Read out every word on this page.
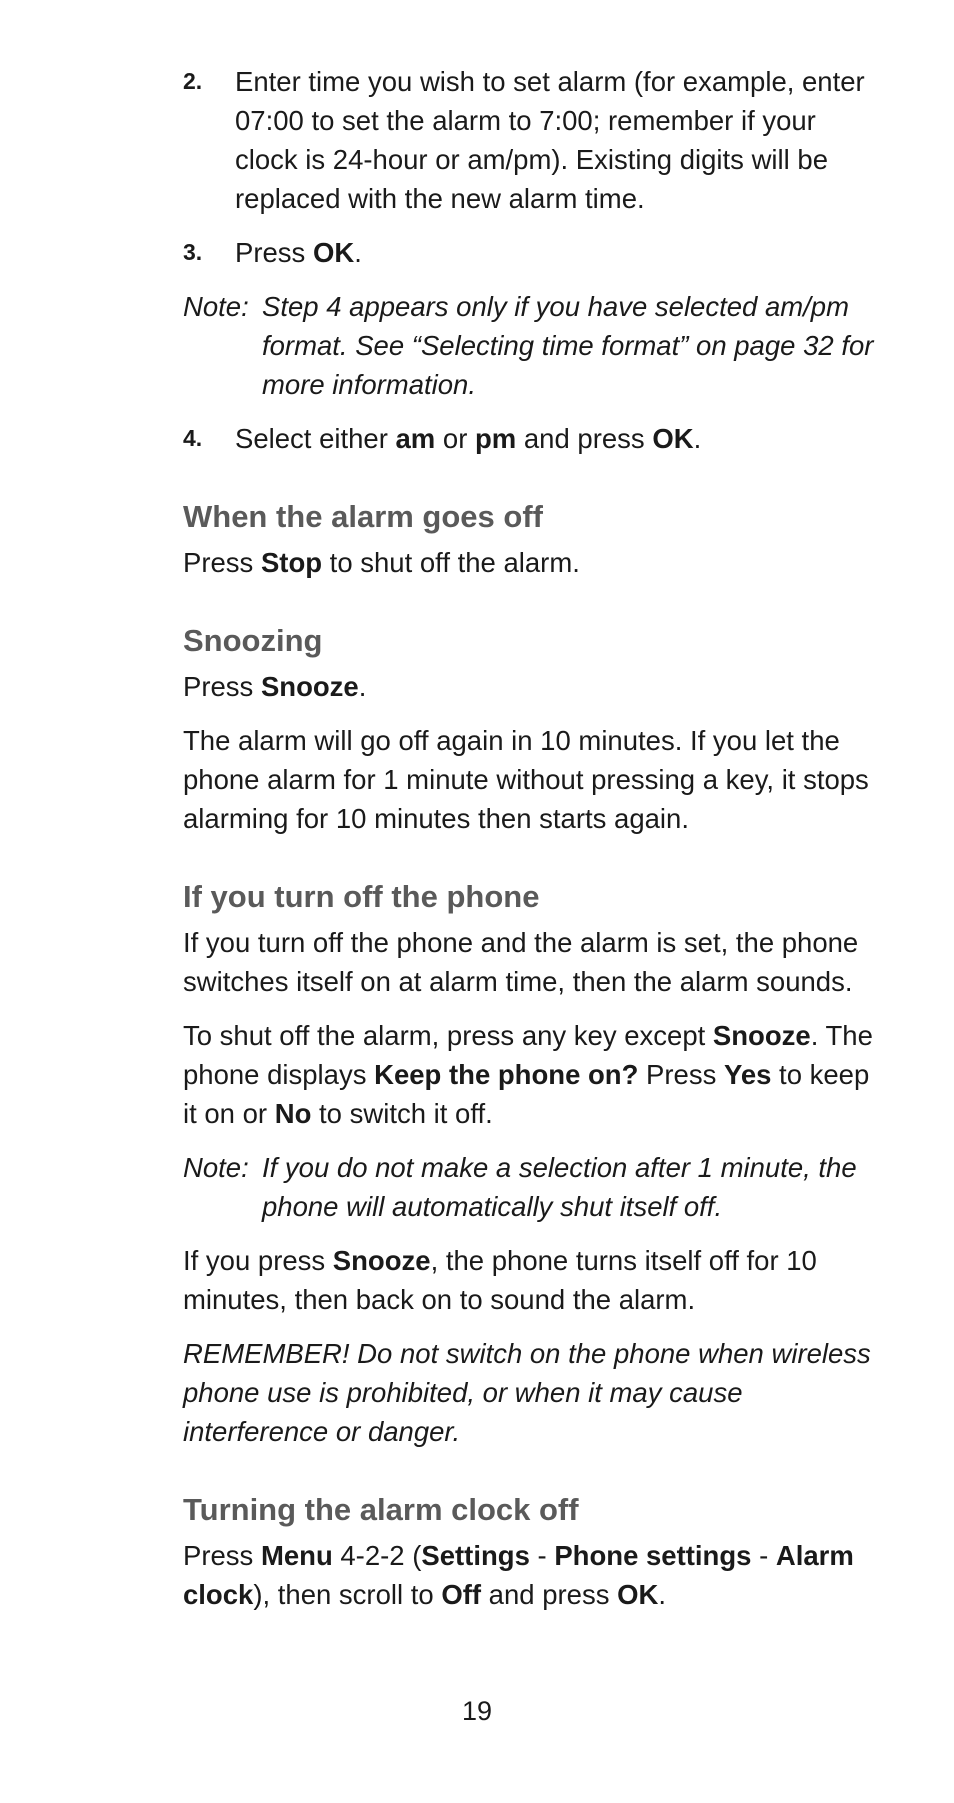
2. Enter time you wish to set alarm (for example, enter 07:00 to set the alarm to 7:00; remember if your clock is 24-hour or am/pm). Existing digits will be replaced with the new alarm time.

3. Press OK.

Note: Step 4 appears only if you have selected am/pm format. See “Selecting time format” on page 32 for more information.

4. Select either am or pm and press OK.

When the alarm goes off

Press Stop to shut off the alarm.

Snoozing

Press Snooze.

The alarm will go off again in 10 minutes. If you let the phone alarm for 1 minute without pressing a key, it stops alarming for 10 minutes then starts again.

If you turn off the phone

If you turn off the phone and the alarm is set, the phone switches itself on at alarm time, then the alarm sounds.

To shut off the alarm, press any key except Snooze. The phone displays Keep the phone on? Press Yes to keep it on or No to switch it off.

Note: If you do not make a selection after 1 minute, the phone will automatically shut itself off.

If you press Snooze, the phone turns itself off for 10 minutes, then back on to sound the alarm.

REMEMBER! Do not switch on the phone when wireless phone use is prohibited, or when it may cause interference or danger.

Turning the alarm clock off

Press Menu 4-2-2 (Settings - Phone settings - Alarm clock), then scroll to Off and press OK.

19
